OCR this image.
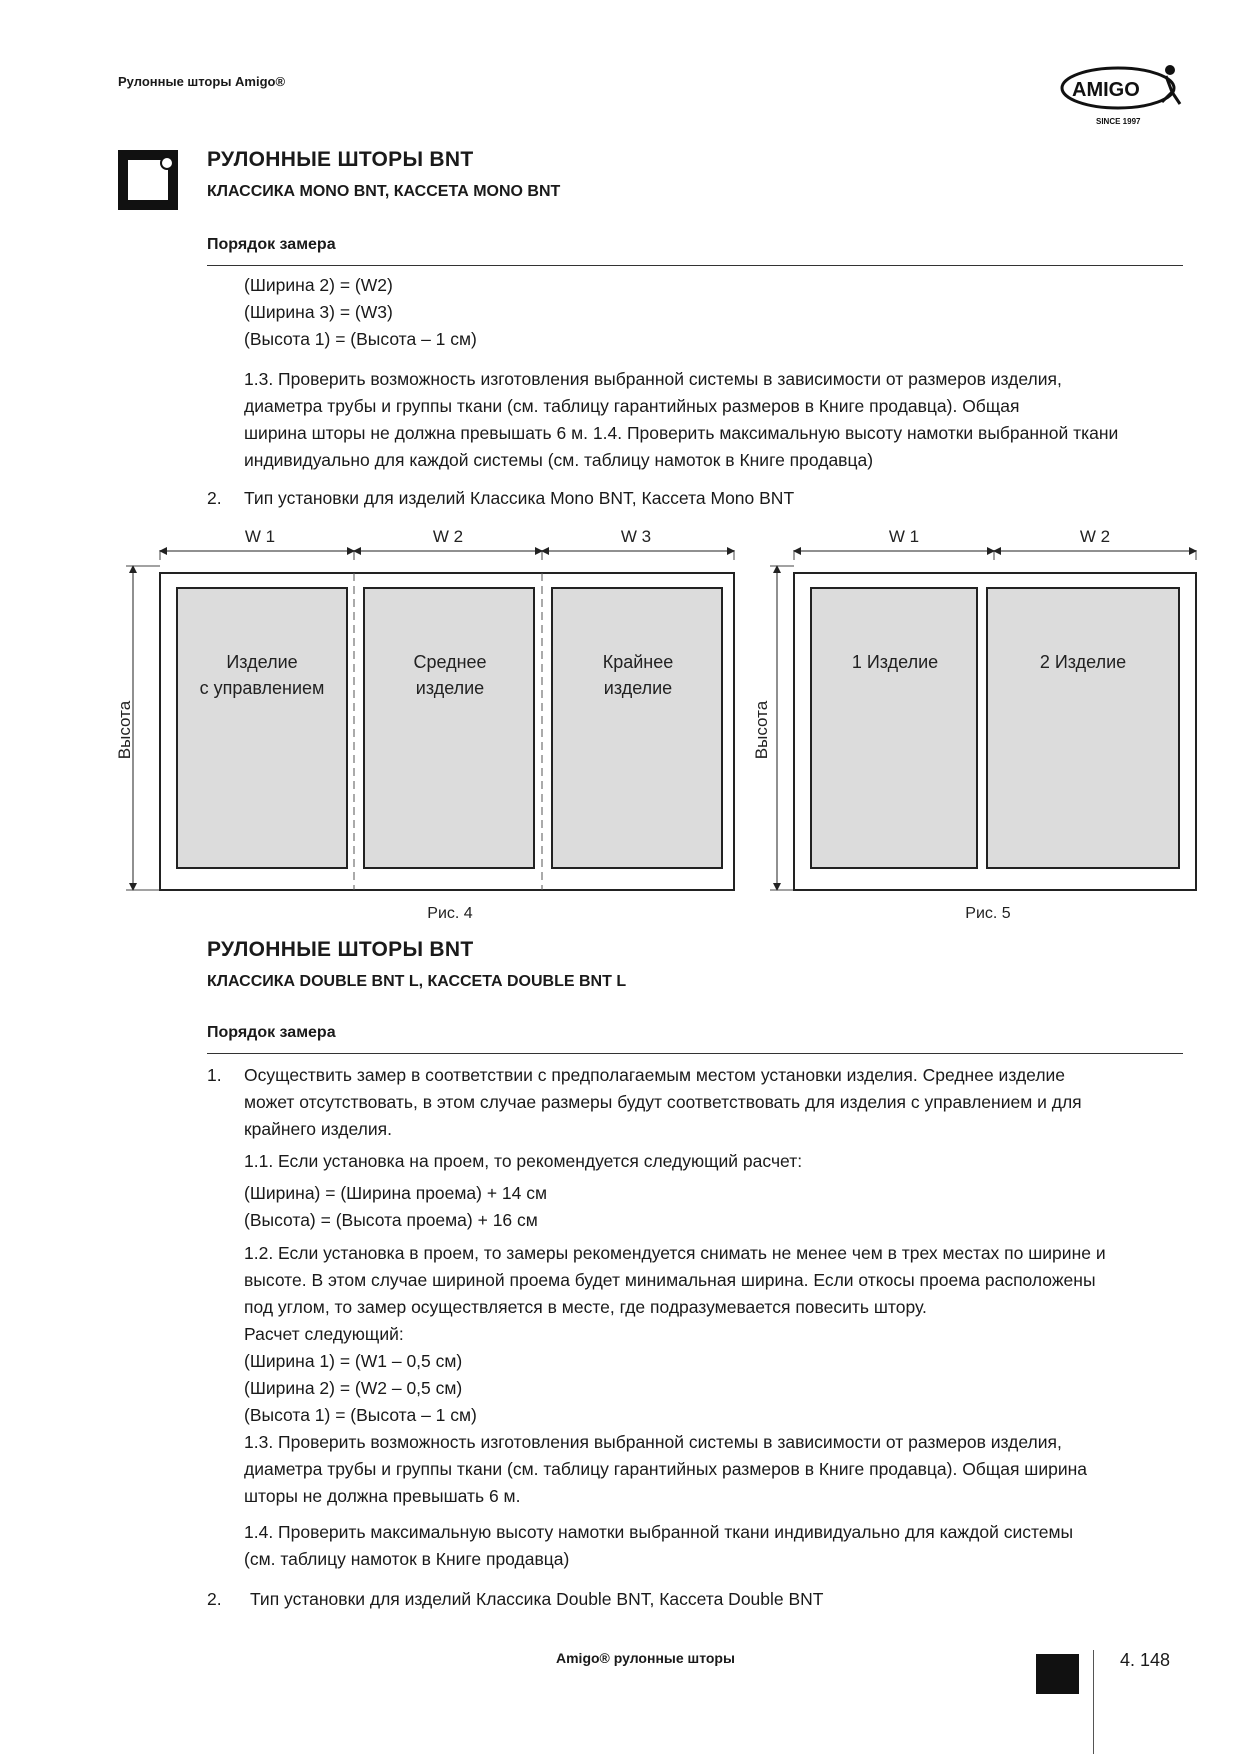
Рулонные шторы Amigo®	AMIGO
SINCE 1997
РУЛОННЫЕ ШТОРЫ BNT
КЛАССИКА MONO BNT, КАССЕТА MONO BNT
Порядок замера
(Ширина 2) = (W2)
(Ширина 3) = (W3)
(Высота 1) = (Высота – 1 см)
1.3. Проверить возможность изготовления выбранной системы в зависимости от размеров изделия,
диаметра трубы и группы ткани (см. таблицу гарантийных размеров в Книге продавца). Общая
ширина шторы не должна превышать 6 м. 1.4. Проверить максимальную высоту намотки выбранной ткани
индивидуально для каждой системы (см. таблицу намоток в Книге продавца)
2. Тип установки для изделий Классика Mono BNT, Кассета Mono BNT
W 1	W 2	W 3
Высота
Изделие
с управлением
Среднее
изделие
Крайнее
изделие
Рис. 4
W 1	W 2
Высота
1 Изделие	2 Изделие
Рис. 5
РУЛОННЫЕ ШТОРЫ BNT
КЛАССИКА DOUBLE BNT L, КАССЕТА DOUBLE BNT L
Порядок замера
1. Осуществить замер в соответствии с предполагаемым местом установки изделия. Среднее изделие
может отсутствовать, в этом случае размеры будут соответствовать для изделия с управлением и для
крайнего изделия.
1.1. Если установка на проем, то рекомендуется следующий расчет:
(Ширина) = (Ширина проема) + 14 см
(Высота) = (Высота проема) + 16 см
1.2. Если установка в проем, то замеры рекомендуется снимать не менее чем в трех местах по ширине и
высоте. В этом случае шириной проема будет минимальная ширина. Если откосы проема расположены
под углом, то замер осуществляется в месте, где подразумевается повесить штору.
Расчет следующий:
(Ширина 1) = (W1 – 0,5 см)
(Ширина 2) = (W2 – 0,5 см)
(Высота 1) = (Высота – 1 см)
1.3. Проверить возможность изготовления выбранной системы в зависимости от размеров изделия,
диаметра трубы и группы ткани (см. таблицу гарантийных размеров в Книге продавца). Общая ширина
шторы не должна превышать 6 м.
1.4. Проверить максимальную высоту намотки выбранной ткани индивидуально для каждой системы
(см. таблицу намоток в Книге продавца)
2. Тип установки для изделий Классика Double BNT, Кассета Double BNT
Amigo® рулонные шторы	4. 148
